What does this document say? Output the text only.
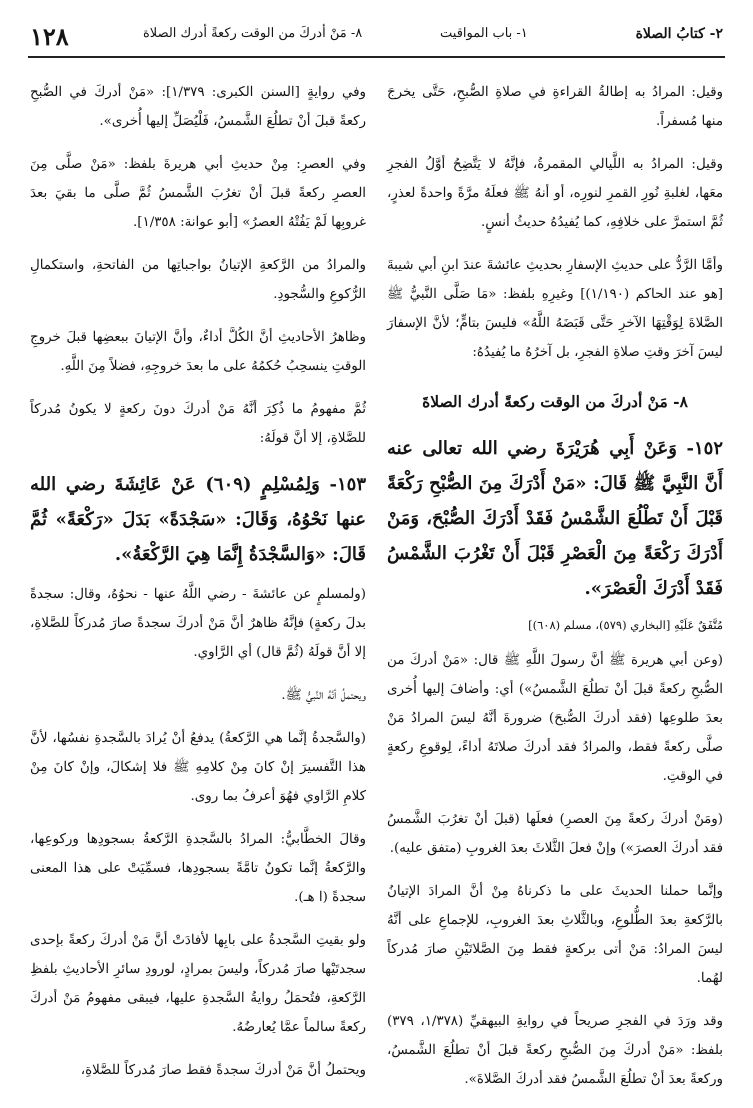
١٢٨	٨- مَنْ أدركَ من الوقت ركعةً أدرك الصلاة	١- باب المواقيت	٢- كتابُ الصلاة

وقيل: المرادُ به إطالةُ القراءةِ في صلاةِ الصُّبحِ، حَتَّى يخرجَ منها مُسفراً.

وقيل: المرادُ به اللَّيالي المقمرةُ، فإنَّهُ لا يَتَّضِحُ أوَّلُ الفجرِ معَها، لغلبةِ نُورِ القمرِ لنورِه، أو أنهُ ﷺ فعلَهُ مرَّةً واحدةً لعذرٍ، ثُمَّ استمرَّ على خلافِهِ، كما يُفيدُهُ حديثُ أنسٍ.

وأمَّا الرَّدُّ على حديثِ الإسفارِ بحديثِ عائشةَ عندَ ابنِ أبي شيبةَ [هو عند الحاكم (١/١٩٠)] وغيرِهِ بلفظ: «مَا صَلَّى النَّبيُّ ﷺ الصَّلاةَ لِوَقْتِهَا الآخرِ حَتَّى قَبَضَهُ اللَّهُ» فليسَ بتامٍّ؛ لأنَّ الإسفارَ ليسَ آخرَ وقتِ صلاةِ الفجرِ، بل آخرُهُ ما يُفيدُهُ:

٨- مَنْ أدركَ من الوقت ركعةً أدرك الصلاةَ

١٥٢- وَعَنْ أَبِي هُرَيْرَةَ رضي الله تعالى عنه أَنَّ النَّبِيَّ ﷺ قَالَ: «مَنْ أَدْرَكَ مِنَ الصُّبْحِ رَكْعَةً قَبْلَ أَنْ تَطْلُعَ الشَّمْسُ فَقَدْ أَدْرَكَ الصُّبْحَ، وَمَنْ أَدْرَكَ رَكْعَةً مِنَ الْعَصْرِ قَبْلَ أَنْ تَغْرُبَ الشَّمْسُ فَقَدْ أَدْرَكَ الْعَصْرَ».

مُتَّفَقٌ عَلَيْهِ [البخاري (٥٧٩)، مسلم (٦٠٨)]

(وعن أبي هريرة ﷺ أنَّ رسولَ اللَّهِ ﷺ قال: «مَنْ أدركَ من الصُّبحِ ركعةً قبلَ أنْ تطلُعَ الشَّمسُ») أي: وأضافَ إليها أُخرى بعدَ طلوعِها (فقد أدركَ الصُّبحَ) ضرورةَ أنَّهُ ليسَ المرادُ مَنْ صلَّى ركعةً فقط، والمرادُ فقد أدركَ صلاتَهُ أداءً، لِوقوعِ ركعةٍ في الوقتِ.

(ومَنْ أدركَ ركعةً مِنَ العصرِ) فعلَها (قبلَ أنْ تغرُبَ الشَّمسُ فقد أدركَ العصرَ») وإنْ فعلَ الثَّلاثَ بعدَ الغروبِ (متفق عليه).

وإنَّما حملنا الحديثَ على ما ذكرناهُ مِنْ أنَّ المرادَ الإتيانُ بالرَّكعةِ بعدَ الطُّلوعِ، وبالثَّلاثِ بعدَ الغروبِ، للإجماعِ على أنَّهُ ليسَ المرادُ: مَنْ أتى بركعةٍ فقط مِنَ الصَّلاتَيْنِ صارَ مُدركاً لهُما.

وقد ورَدَ في الفجرِ صريحاً في روايةِ البيهقيِّ (١/٣٧٨، ٣٧٩) بلفظ: «مَنْ أدركَ مِنَ الصُّبحِ ركعةً قبلَ أنْ تطلُعَ الشَّمسُ، وركعةً بعدَ أنْ تطلُعَ الشَّمسُ فقد أدركَ الصَّلاةَ».

وفي روايةٍ [السنن الكبرى: ١/٣٧٩]: «مَنْ أدركَ في الصُّبحِ ركعةً قبلَ أنْ تطلُعَ الشَّمسُ، فَلْيُصَلِّ إليها أُخرى».

وفي العصرِ: مِنْ حديثِ أبي هريرةَ بلفظ: «مَنْ صلَّى مِنَ العصرِ ركعةً قبلَ أنْ تغرُبَ الشَّمسُ ثُمَّ صلَّى ما بقيَ بعدَ غروبِها لَمْ يَفُتْهُ العصرُ» [أبو عوانة: ١/٣٥٨].

والمرادُ من الرَّكعةِ الإتيانُ بواجباتِها من الفاتحةِ، واستكمالِ الرُّكوعِ والسُّجودِ.

وظاهرُ الأحاديثِ أنَّ الكُلَّ أداءٌ، وأنَّ الإتيانَ ببعضِها قبلَ خروجِ الوقتِ ينسحِبُ حُكمُهُ على ما بعدَ خروجِهِ، فضلاً مِنَ اللَّهِ.

ثُمَّ مفهومُ ما ذُكِرَ أنَّهُ مَنْ أدركَ دونَ ركعةٍ لا يكونُ مُدركاً للصَّلاةِ، إلا أنَّ قولَهُ:

١٥٣- وَلِمُسْلِمٍ (٦٠٩) عَنْ عَائِشَةَ رضي الله عنها نَحْوُهُ، وَقَالَ: «سَجْدَةً» بَدَلَ «رَكْعَةً» ثُمَّ قَالَ: «وَالسَّجْدَةُ إِنَّمَا هِيَ الرَّكْعَةُ».

(ولمسلمٍ عن عائشةَ - رضي اللَّهُ عنها - نحوُهُ، وقال: سجدةً بدلَ ركعةٍ) فإنَّهُ ظاهرٌ أنَّ مَنْ أدركَ سجدةً صارَ مُدركاً للصَّلاةِ، إلا أنَّ قولَهُ (ثُمَّ قال) أي الرَّاوي.

ويحتملُ أنَّهُ النَّبيُّ ﷺ.

(والسَّجدةُ إنَّما هي الرَّكعةُ) يدفعُ أنْ يُرادَ بالسَّجدةِ نفسُها، لأنَّ هذا التَّفسيرَ إنْ كانَ مِنْ كلامِهِ ﷺ فلا إشكالَ، وإنْ كانَ مِنْ كلامِ الرَّاوي فهُوَ أعرفُ بما روى.

وقالَ الخطَّابيُّ: المرادُ بالسَّجدةِ الرَّكعةُ بسجودِها وركوعِها، والرَّكعةُ إنَّما تكونُ تامَّةً بسجودِها، فسمِّيَتْ على هذا المعنى سجدةً (ا هـ).

ولو بقيتِ السَّجدةُ على بابِها لأفادَتْ أنَّ مَنْ أدركَ ركعةً بإحدى سجدتَيْها صارَ مُدركاً، وليسَ بمرادٍ، لورودِ سائرِ الأحاديثِ بلفظِ الرَّكعةِ، فتُحمَلُ روايةُ السَّجدةِ عليها، فيبقى مفهومُ مَنْ أدركَ ركعةً سالماً عمَّا يُعارضُهُ.

ويحتملُ أنَّ مَنْ أدركَ سجدةً فقط صارَ مُدركاً للصَّلاةِ،
